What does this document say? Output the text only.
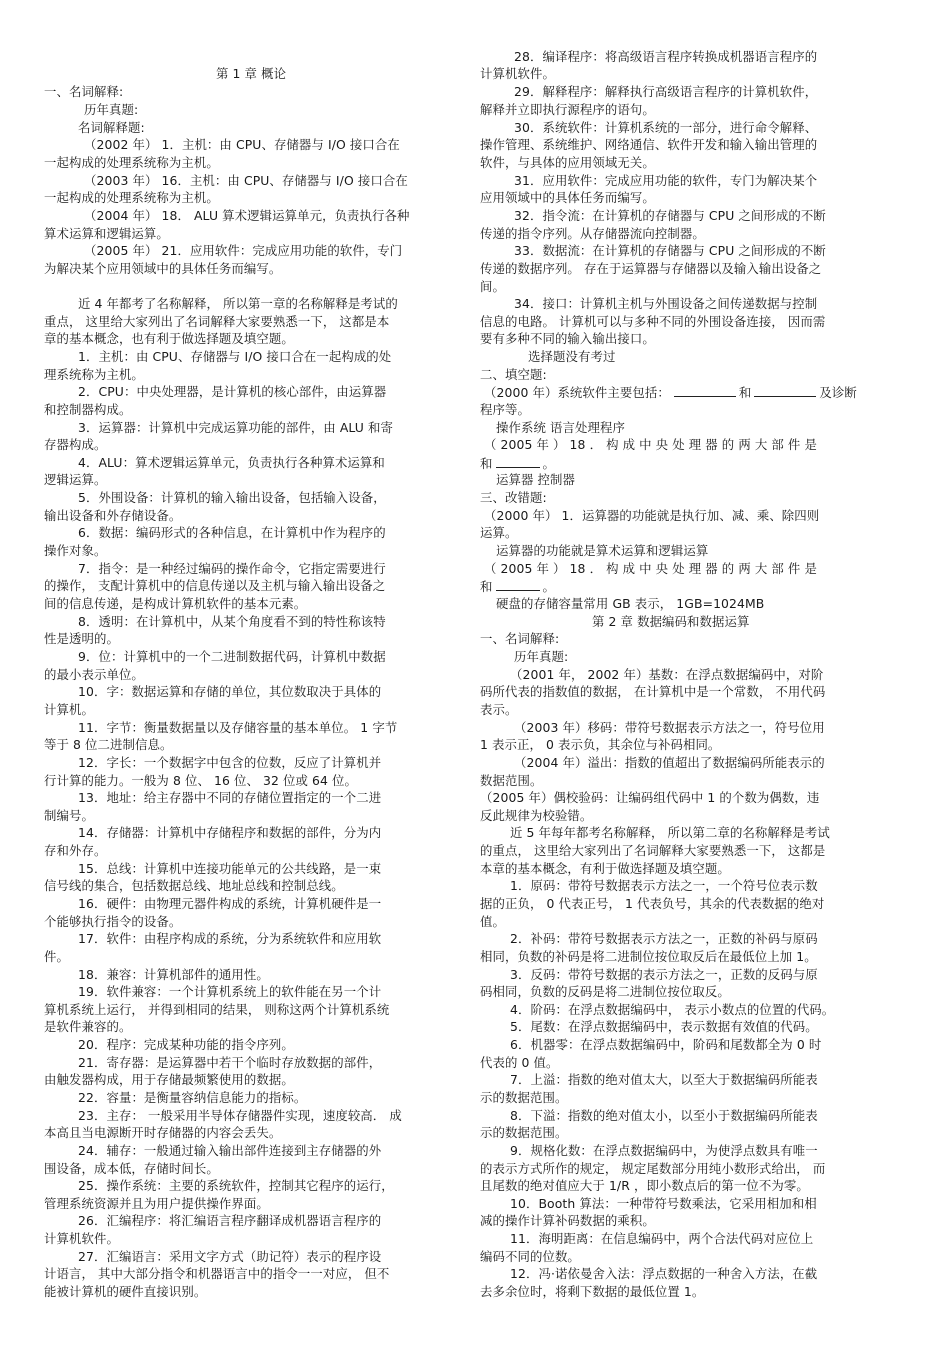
第 1 章 概论
一、名词解释:
历年真题:
名词解释题:
（2002 年） 1．主机：由 CPU、存储器与 I/O 接口合在
一起构成的处理系统称为主机。
（2003 年） 16．主机：由 CPU、存储器与 I/O 接口合在
一起构成的处理系统称为主机。
（2004 年） 18． ALU 算术逻辑运算单元，负责执行各种
算术运算和逻辑运算。
（2005 年） 21．应用软件：完成应用功能的软件，专门
为解决某个应用领域中的具体任务而编写。
近 4 年都考了名称解释， 所以第一章的名称解释是考试的
重点， 这里给大家列出了名词解释大家要熟悉一下， 这都是本
章的基本概念，也有利于做选择题及填空题。
1．主机：由 CPU、存储器与 I/O 接口合在一起构成的处
理系统称为主机。
2．CPU：中央处理器，是计算机的核心部件，由运算器
和控制器构成。
3．运算器：计算机中完成运算功能的部件，由 ALU 和寄
存器构成。
4．ALU：算术逻辑运算单元，负责执行各种算术运算和
逻辑运算。
5．外围设备：计算机的输入输出设备，包括输入设备，
输出设备和外存储设备。
6．数据：编码形式的各种信息，在计算机中作为程序的
操作对象。
7．指令：是一种经过编码的操作命令，它指定需要进行
的操作， 支配计算机中的信息传递以及主机与输入输出设备之
间的信息传递，是构成计算机软件的基本元素。
8．透明：在计算机中，从某个角度看不到的特性称该特
性是透明的。
9．位：计算机中的一个二进制数据代码，计算机中数据
的最小表示单位。
10．字：数据运算和存储的单位，其位数取决于具体的
计算机。
11．字节：衡量数据量以及存储容量的基本单位。 1 字节
等于 8 位二进制信息。
12．字长：一个数据字中包含的位数，反应了计算机并
行计算的能力。一般为 8 位、 16 位、 32 位或 64 位。
13．地址：给主存器中不同的存储位置指定的一个二进
制编号。
14．存储器：计算机中存储程序和数据的部件，分为内
存和外存。
15．总线：计算机中连接功能单元的公共线路，是一束
信号线的集合，包括数据总线、地址总线和控制总线。
16．硬件：由物理元器件构成的系统，计算机硬件是一
个能够执行指令的设备。
17．软件：由程序构成的系统，分为系统软件和应用软
件。
18．兼容：计算机部件的通用性。
19．软件兼容：一个计算机系统上的软件能在另一个计
算机系统上运行， 并得到相同的结果， 则称这两个计算机系统
是软件兼容的。
20．程序：完成某种功能的指令序列。
21．寄存器：是运算器中若干个临时存放数据的部件，
由触发器构成，用于存储最频繁使用的数据。
22．容量：是衡量容纳信息能力的指标。
23．主存： 一般采用半导体存储器件实现，速度较高． 成
本高且当电源断开时存储器的内容会丢失。
24．辅存：一般通过输入输出部件连接到主存储器的外
围设备，成本低，存储时间长。
25．操作系统：主要的系统软件，控制其它程序的运行，
管理系统资源并且为用户提供操作界面。
26．汇编程序：将汇编语言程序翻译成机器语言程序的
计算机软件。
27．汇编语言：采用文字方式（助记符）表示的程序设
计语言， 其中大部分指令和机器语言中的指令一一对应， 但不
能被计算机的硬件直接识别。
28．编译程序：将高级语言程序转换成机器语言程序的
计算机软件。
29．解释程序：解释执行高级语言程序的计算机软件，
解释并立即执行源程序的语句。
30．系统软件：计算机系统的一部分，进行命令解释、
操作管理、系统维护、网络通信、软件开发和输入输出管理的
软件，与具体的应用领域无关。
31．应用软件：完成应用功能的软件，专门为解决某个
应用领域中的具体任务而编写。
32．指令流：在计算机的存储器与 CPU 之间形成的不断
传递的指令序列。从存储器流向控制器。
33．数据流：在计算机的存储器与 CPU 之间形成的不断
传递的数据序列。 存在于运算器与存储器以及输入输出设备之
间。
34．接口：计算机主机与外围设备之间传递数据与控制
信息的电路。 计算机可以与多种不同的外围设备连接， 因而需
要有多种不同的输入输出接口。
选择题没有考过
二、填空题:
（2000 年）系统软件主要包括：	和	及诊断
程序等。
操作系统 语言处理程序
（ 2005 年 ） 18 ． 构 成 中 央 处 理 器 的 两 大 部 件 是
和	。
运算器 控制器
三、改错题:
（2000 年） 1．运算器的功能就是执行加、减、乘、除四则
运算。
运算器的功能就是算术运算和逻辑运算
（ 2005 年 ） 18 ． 构 成 中 央 处 理 器 的 两 大 部 件 是
和	。
硬盘的存储容量常用 GB 表示， 1GB=1024MB
第 2 章 数据编码和数据运算
一、名词解释:
历年真题:
（2001 年， 2002 年）基数：在浮点数据编码中，对阶
码所代表的指数值的数据， 在计算机中是一个常数， 不用代码
表示。
（2003 年）移码：带符号数据表示方法之一，符号位用
1 表示正， 0 表示负，其余位与补码相同。
（2004 年）溢出：指数的值超出了数据编码所能表示的
数据范围。
（2005 年）偶校验码：让编码组代码中 1 的个数为偶数，违
反此规律为校验错。
近 5 年每年都考名称解释， 所以第二章的名称解释是考试
的重点， 这里给大家列出了名词解释大家要熟悉一下， 这都是
本章的基本概念，有利于做选择题及填空题。
1．原码：带符号数据表示方法之一，一个符号位表示数
据的正负， 0 代表正号， 1 代表负号，其余的代表数据的绝对
值。
2．补码：带符号数据表示方法之一，正数的补码与原码
相同，负数的补码是将二进制位按位取反后在最低位上加 1。
3．反码：带符号数据的表示方法之一，正数的反码与原
码相同，负数的反码是将二进制位按位取反。
4．阶码：在浮点数据编码中， 表示小数点的位置的代码。
5．尾数：在浮点数据编码中，表示数据有效值的代码。
6．机器零：在浮点数据编码中，阶码和尾数都全为 0 时
代表的 0 值。
7．上溢：指数的绝对值太大，以至大于数据编码所能表
示的数据范围。
8．下溢：指数的绝对值太小，以至小于数据编码所能表
示的数据范围。
9．规格化数：在浮点数据编码中，为使浮点数具有唯一
的表示方式所作的规定， 规定尾数部分用纯小数形式给出， 而
且尾数的绝对值应大于 1/R ，即小数点后的第一位不为零。
10．Booth 算法：一种带符号数乘法，它采用相加和相
减的操作计算补码数据的乘积。
11．海明距离：在信息编码中，两个合法代码对应位上
编码不同的位数。
12．冯·诺依曼舍入法：浮点数据的一种舍入方法，在截
去多余位时，将剩下数据的最低位置 1。
